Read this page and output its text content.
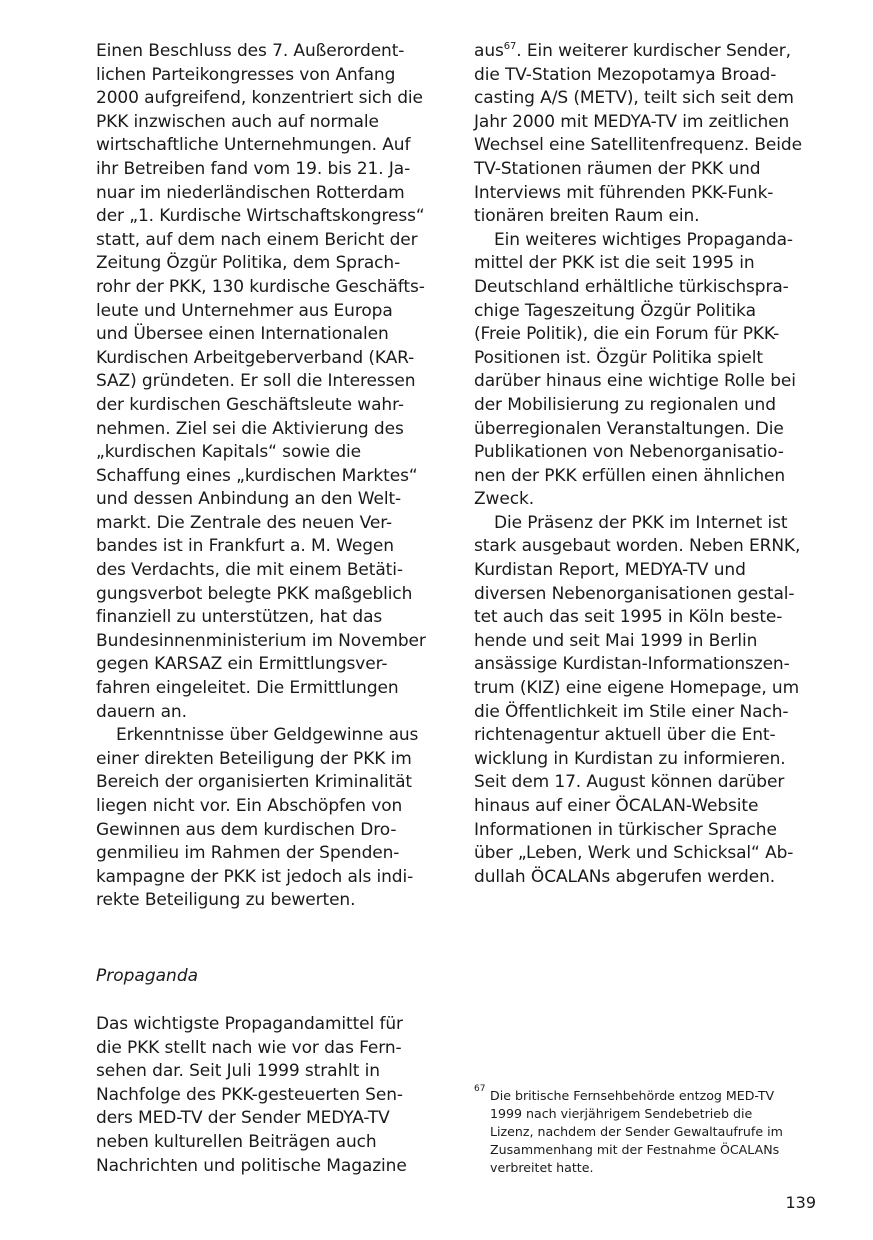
Einen Beschluss des 7. Außerordent-
lichen Parteikongresses von Anfang
2000 aufgreifend, konzentriert sich die
PKK inzwischen auch auf normale
wirtschaftliche Unternehmungen. Auf
ihr Betreiben fand vom 19. bis 21. Ja-
nuar im niederländischen Rotterdam
der „1. Kurdische Wirtschaftskongress“
statt, auf dem nach einem Bericht der
Zeitung Özgür Politika, dem Sprach-
rohr der PKK, 130 kurdische Geschäfts-
leute und Unternehmer aus Europa
und Übersee einen Internationalen
Kurdischen Arbeitgeberverband (KAR-
SAZ) gründeten. Er soll die Interessen
der kurdischen Geschäftsleute wahr-
nehmen. Ziel sei die Aktivierung des
„kurdischen Kapitals“ sowie die
Schaffung eines „kurdischen Marktes“
und dessen Anbindung an den Welt-
markt. Die Zentrale des neuen Ver-
bandes ist in Frankfurt a. M. Wegen
des Verdachts, die mit einem Betäti-
gungsverbot belegte PKK maßgeblich
finanziell zu unterstützen, hat das
Bundesinnenministerium im November
gegen KARSAZ ein Ermittlungsver-
fahren eingeleitet. Die Ermittlungen
dauern an.
Erkenntnisse über Geldgewinne aus
einer direkten Beteiligung der PKK im
Bereich der organisierten Kriminalität
liegen nicht vor. Ein Abschöpfen von
Gewinnen aus dem kurdischen Dro-
genmilieu im Rahmen der Spenden-
kampagne der PKK ist jedoch als indi-
rekte Beteiligung zu bewerten.
Propaganda
Das wichtigste Propagandamittel für
die PKK stellt nach wie vor das Fern-
sehen dar. Seit Juli 1999 strahlt in
Nachfolge des PKK-gesteuerten Sen-
ders MED-TV der Sender MEDYA-TV
neben kulturellen Beiträgen auch
Nachrichten und politische Magazine
aus$^{67}$. Ein weiterer kurdischer Sender,
die TV-Station Mezopotamya Broad-
casting A/S (METV), teilt sich seit dem
Jahr 2000 mit MEDYA-TV im zeitlichen
Wechsel eine Satellitenfrequenz. Beide
TV-Stationen räumen der PKK und
Interviews mit führenden PKK-Funk-
tionären breiten Raum ein.
Ein weiteres wichtiges Propaganda-
mittel der PKK ist die seit 1995 in
Deutschland erhältliche türkischspra-
chige Tageszeitung Özgür Politika
(Freie Politik), die ein Forum für PKK-
Positionen ist. Özgür Politika spielt
darüber hinaus eine wichtige Rolle bei
der Mobilisierung zu regionalen und
überregionalen Veranstaltungen. Die
Publikationen von Nebenorganisatio-
nen der PKK erfüllen einen ähnlichen
Zweck.
Die Präsenz der PKK im Internet ist
stark ausgebaut worden. Neben ERNK,
Kurdistan Report, MEDYA-TV und
diversen Nebenorganisationen gestal-
tet auch das seit 1995 in Köln beste-
hende und seit Mai 1999 in Berlin
ansässige Kurdistan-Informationszen-
trum (KIZ) eine eigene Homepage, um
die Öffentlichkeit im Stile einer Nach-
richtenagentur aktuell über die Ent-
wicklung in Kurdistan zu informieren.
Seit dem 17. August können darüber
hinaus auf einer ÖCALAN-Website
Informationen in türkischer Sprache
über „Leben, Werk und Schicksal“ Ab-
dullah ÖCALANs abgerufen werden.
67 Die britische Fernsehbehörde entzog MED-TV
1999 nach vierjährigem Sendebetrieb die
Lizenz, nachdem der Sender Gewaltaufrufe im
Zusammenhang mit der Festnahme ÖCALANs
verbreitet hatte.
139
